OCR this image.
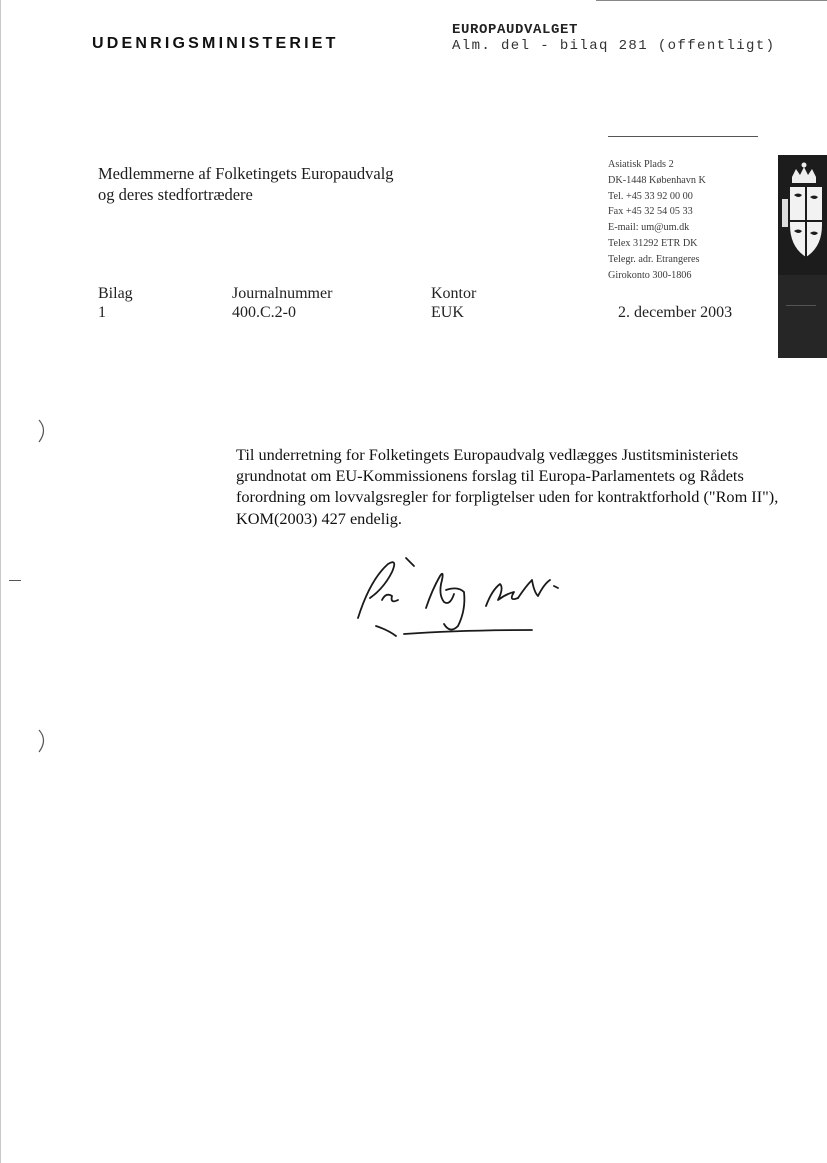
UDENRIGSMINISTERIET
EUROPAUDVALGET
Alm. del - bilaq 281 (offentligt)
Medlemmerne af Folketingets Europaudvalg
og deres stedfortrædere
Asiatisk Plads 2
DK-1448 København K
Tel. +45 33 92 00 00
Fax +45 32 54 05 33
E-mail: um@um.dk
Telex 31292 ETR DK
Telegr. adr. Etrangeres
Girokonto 300-1806
Bilag
1
Journalnummer
400.C.2-0
Kontor
EUK	2. december 2003
Til underretning for Folketingets Europaudvalg vedlægges Justitsministeriets grundnotat om EU-Kommissionens forslag til Europa-Parlamentets og Rådets forordning om lovvalgsregler for forpligtelser uden for kontraktforhold ("Rom II"), KOM(2003) 427 endelig.
